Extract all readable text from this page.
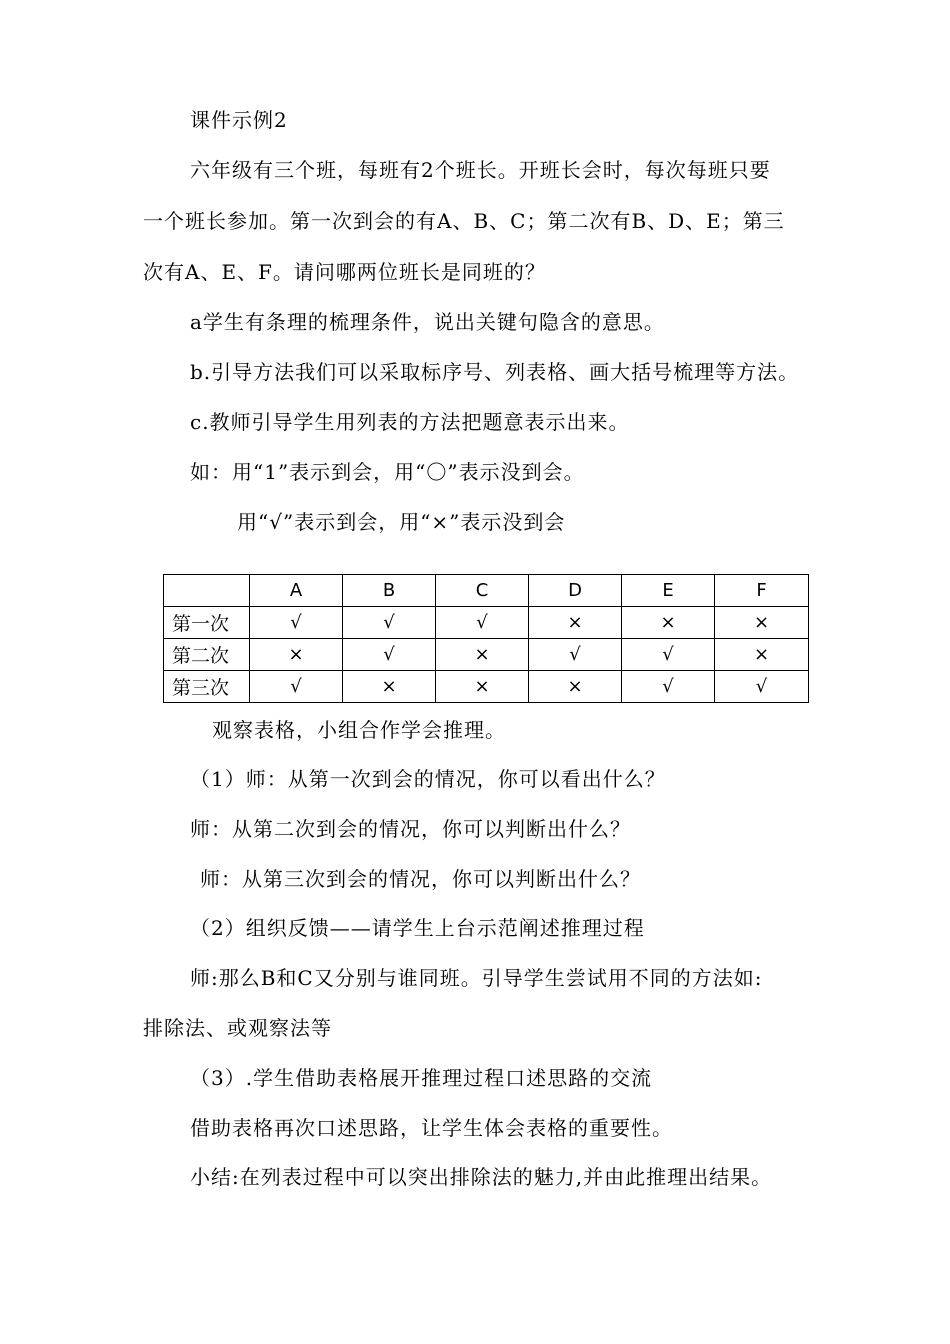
课件示例2
六年级有三个班，每班有2个班长。开班长会时，每次每班只要
一个班长参加。第一次到会的有A、B、C；第二次有B、D、E；第三
次有A、E、F。请问哪两位班长是同班的？
a学生有条理的梳理条件，说出关键句隐含的意思。
b.引导方法我们可以采取标序号、列表格、画大括号梳理等方法。
c.教师引导学生用列表的方法把题意表示出来。
如：用“1”表示到会，用“〇”表示没到会。
用“√”表示到会，用“×”表示没到会
	A	B	C	D	E	F
第一次	√	√	√	×	×	×
第二次	×	√	×	√	√	×
第三次	√	×	×	×	√	√
观察表格，小组合作学会推理。
（1）师：从第一次到会的情况，你可以看出什么？
师：从第二次到会的情况，你可以判断出什么？
师：从第三次到会的情况，你可以判断出什么？
（2）组织反馈——请学生上台示范阐述推理过程
师:那么B和C又分别与谁同班。引导学生尝试用不同的方法如:
排除法、或观察法等
（3）.学生借助表格展开推理过程口述思路的交流
借助表格再次口述思路，让学生体会表格的重要性。
小结:在列表过程中可以突出排除法的魅力,并由此推理出结果。
